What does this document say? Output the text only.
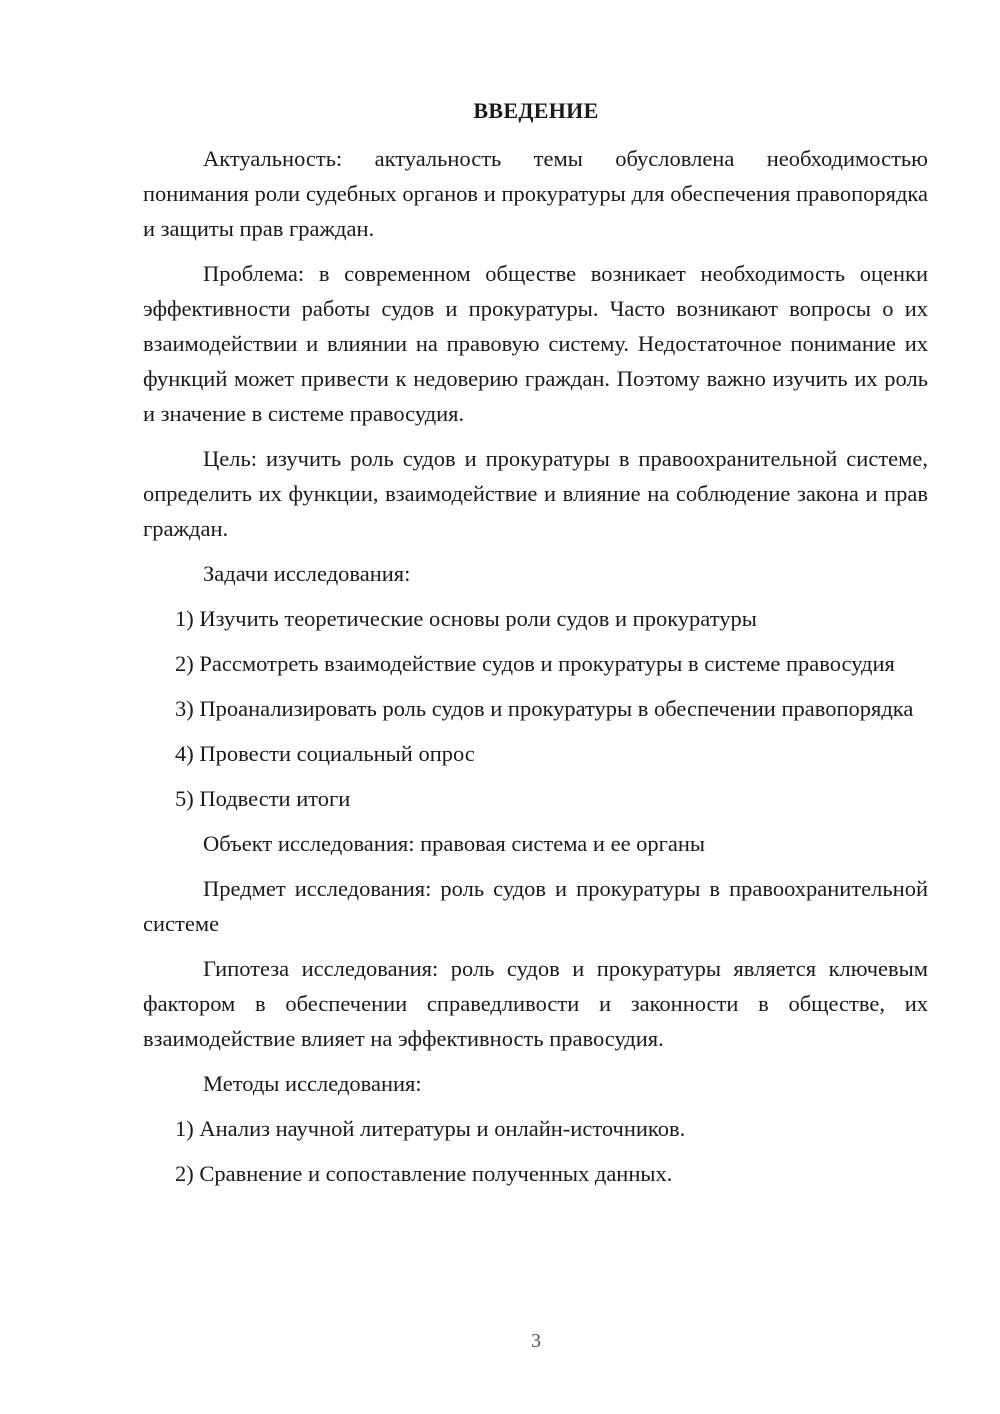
ВВЕДЕНИЕ

Актуальность: актуальность темы обусловлена необходимостью понимания роли судебных органов и прокуратуры для обеспечения правопорядка и защиты прав граждан.

Проблема: в современном обществе возникает необходимость оценки эффективности работы судов и прокуратуры. Часто возникают вопросы о их взаимодействии и влиянии на правовую систему. Недостаточное понимание их функций может привести к недоверию граждан. Поэтому важно изучить их роль и значение в системе правосудия.

Цель: изучить роль судов и прокуратуры в правоохранительной системе, определить их функции, взаимодействие и влияние на соблюдение закона и прав граждан.

Задачи исследования:

1) Изучить теоретические основы роли судов и прокуратуры

2) Рассмотреть взаимодействие судов и прокуратуры в системе правосудия

3) Проанализировать роль судов и прокуратуры в обеспечении правопорядка

4) Провести социальный опрос

5) Подвести итоги

Объект исследования: правовая система и ее органы

Предмет исследования: роль судов и прокуратуры в правоохранительной системе

Гипотеза исследования: роль судов и прокуратуры является ключевым фактором в обеспечении справедливости и законности в обществе, их взаимодействие влияет на эффективность правосудия.

Методы исследования:

1) Анализ научной литературы и онлайн-источников.

2) Сравнение и сопоставление полученных данных.

3
